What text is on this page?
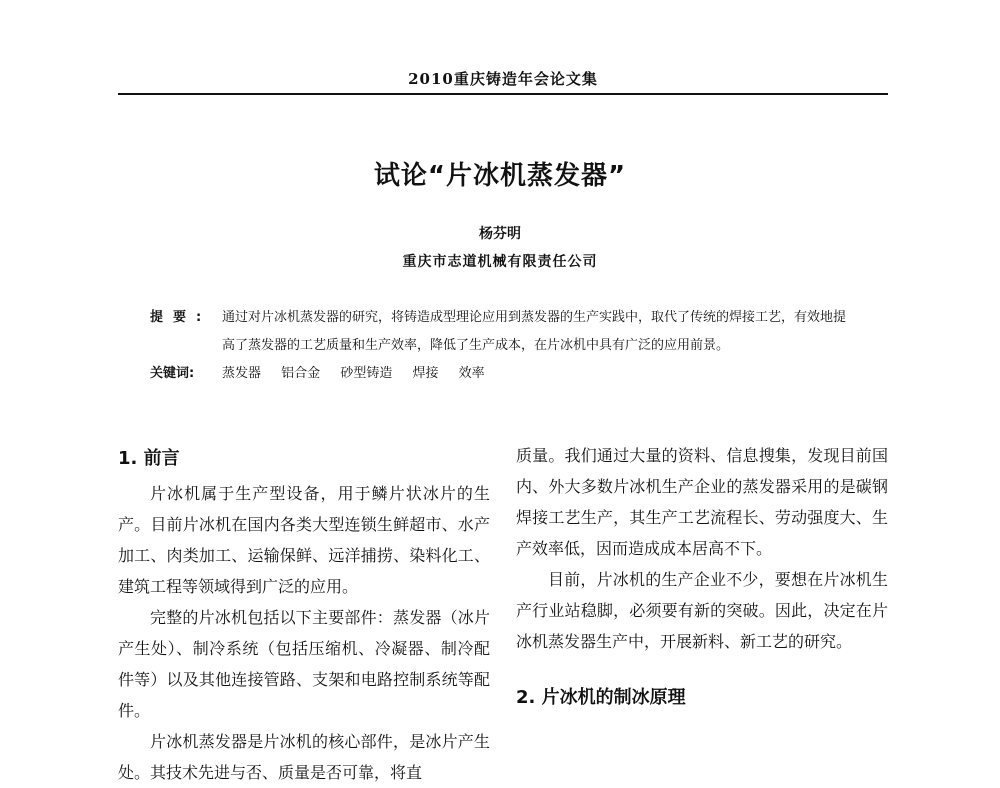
2010重庆铸造年会论文集
试论“片冰机蒸发器”
杨芬明
重庆市志道机械有限责任公司
提要: 通过对片冰机蒸发器的研究，将铸造成型理论应用到蒸发器的生产实践中，取代了传统的焊接工艺，有效地提高了蒸发器的工艺质量和生产效率，降低了生产成本，在片冰机中具有广泛的应用前景。
关键词:	蒸发器 铝合金 砂型铸造 焊接 效率
1. 前言

片冰机属于生产型设备，用于鳞片状冰片的生产。目前片冰机在国内各类大型连锁生鲜超市、水产加工、肉类加工、运输保鲜、远洋捕捞、染料化工、建筑工程等领域得到广泛的应用。

完整的片冰机包括以下主要部件：蒸发器（冰片产生处）、制冷系统（包括压缩机、冷凝器、制冷配件等）以及其他连接管路、支架和电路控制系统等配件。

片冰机蒸发器是片冰机的核心部件，是冰片产生处。其技术先进与否、质量是否可靠，将直

质量。我们通过大量的资料、信息搜集，发现目前国内、外大多数片冰机生产企业的蒸发器采用的是碳钢焊接工艺生产，其生产工艺流程长、劳动强度大、生产效率低，因而造成成本居高不下。

目前，片冰机的生产企业不少，要想在片冰机生产行业站稳脚，必须要有新的突破。因此，决定在片冰机蒸发器生产中，开展新料、新工艺的研究。

2. 片冰机的制冰原理
